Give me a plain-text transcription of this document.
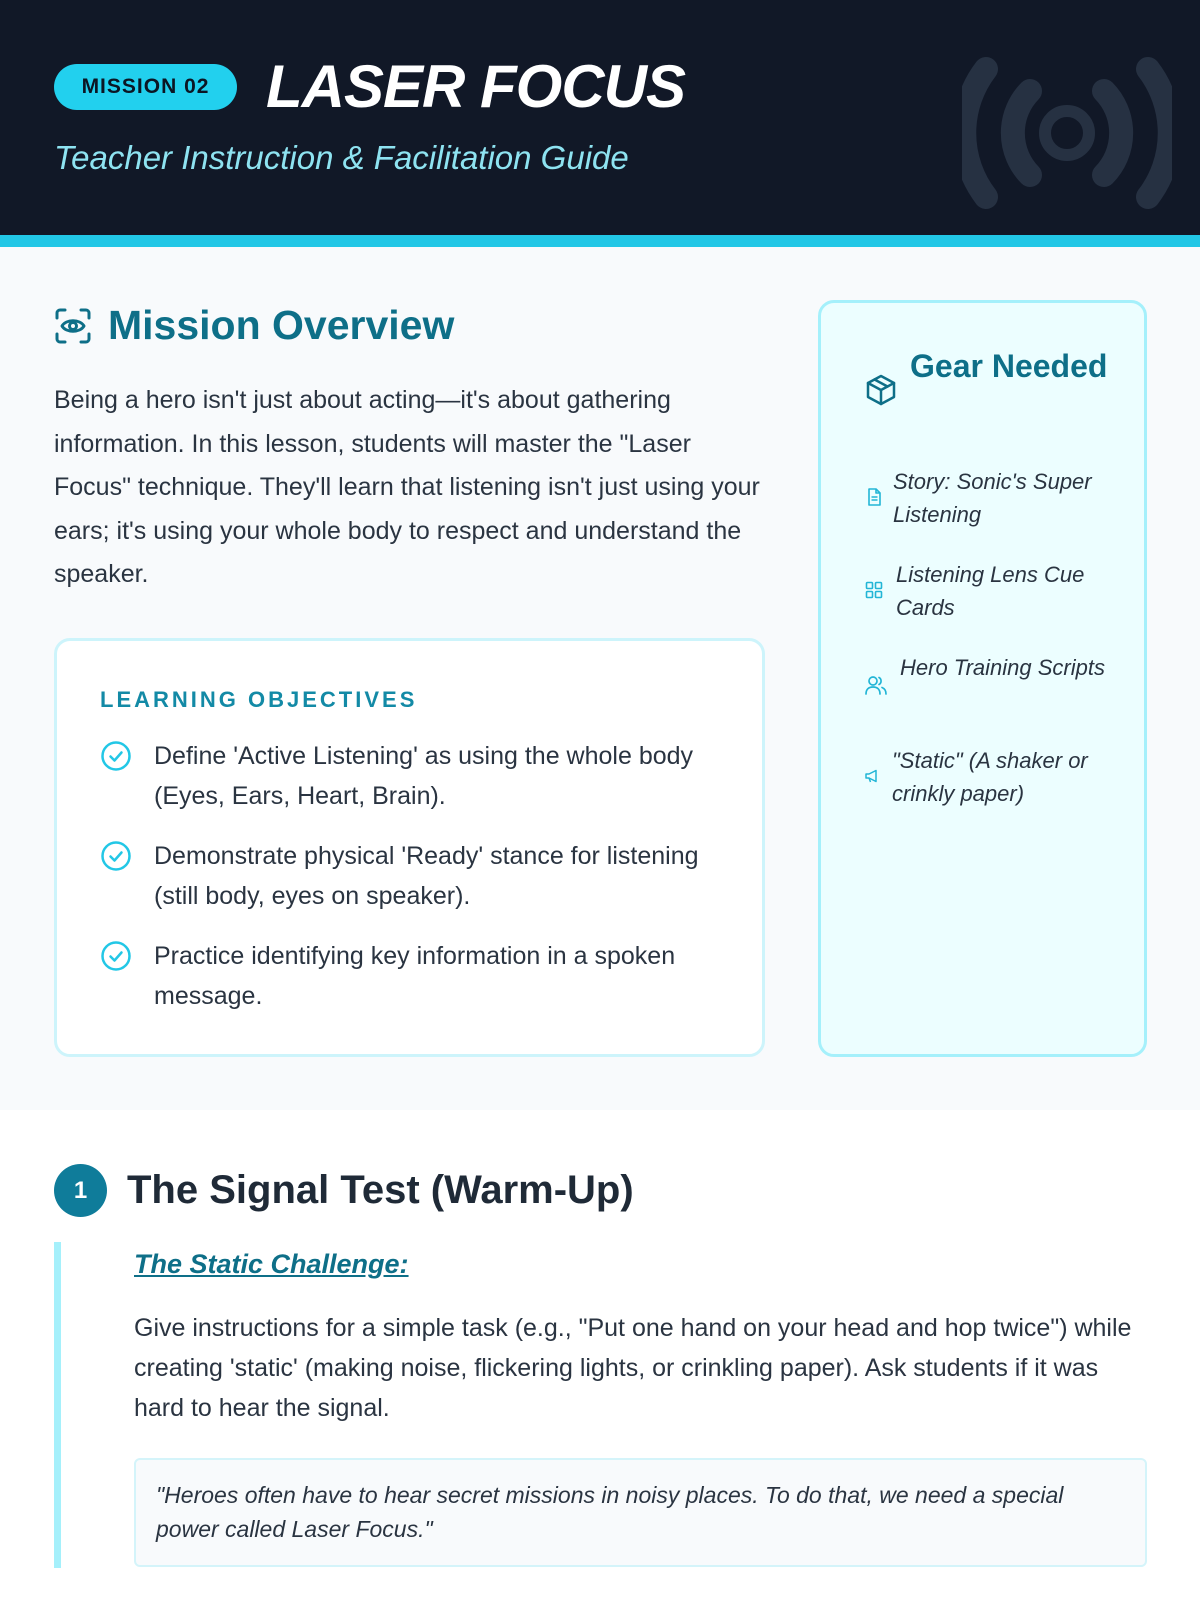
MISSION 02 LASER FOCUS
Teacher Instruction & Facilitation Guide
Mission Overview
Being a hero isn't just about acting—it's about gathering information. In this lesson, students will master the "Laser Focus" technique. They'll learn that listening isn't just using your ears; it's using your whole body to respect and understand the speaker.
LEARNING OBJECTIVES
Define 'Active Listening' as using the whole body (Eyes, Ears, Heart, Brain).
Demonstrate physical 'Ready' stance for listening (still body, eyes on speaker).
Practice identifying key information in a spoken message.
Gear Needed
Story: Sonic's Super Listening
Listening Lens Cue Cards
Hero Training Scripts
"Static" (A shaker or crinkly paper)
1 The Signal Test (Warm-Up)
The Static Challenge:
Give instructions for a simple task (e.g., "Put one hand on your head and hop twice") while creating 'static' (making noise, flickering lights, or crinkling paper). Ask students if it was hard to hear the signal.
"Heroes often have to hear secret missions in noisy places. To do that, we need a special power called Laser Focus."
